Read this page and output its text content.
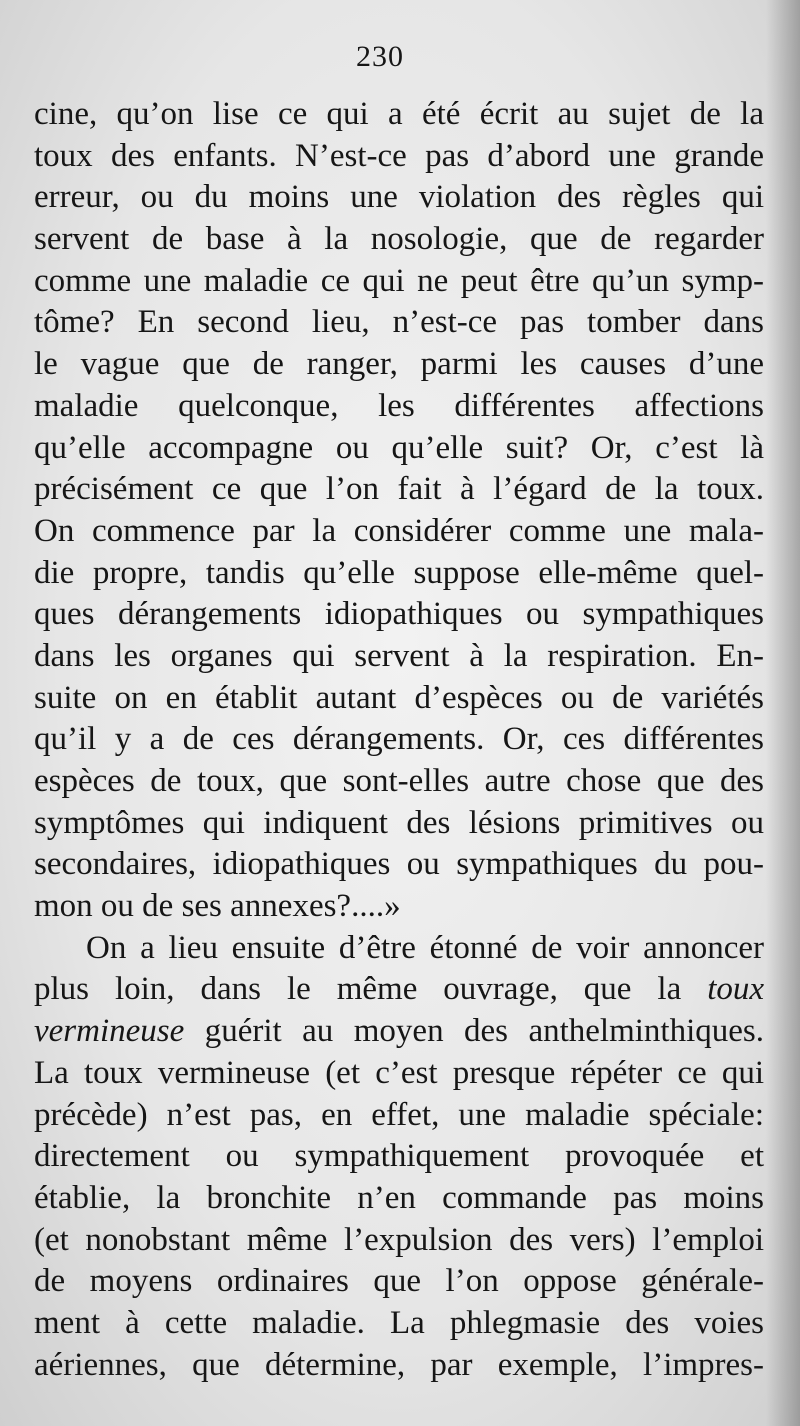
230
cine, qu’on lise ce qui a été écrit au sujet de la
toux des enfants. N’est-ce pas d’abord une grande
erreur, ou du moins une violation des règles qui
servent de base à la nosologie, que de regarder
comme une maladie ce qui ne peut être qu’un symp-
tôme? En second lieu, n’est-ce pas tomber dans
le vague que de ranger, parmi les causes d’une
maladie quelconque, les différentes affections
qu’elle accompagne ou qu’elle suit? Or, c’est là
précisément ce que l’on fait à l’égard de la toux.
On commence par la considérer comme une mala-
die propre, tandis qu’elle suppose elle-même quel-
ques dérangements idiopathiques ou sympathiques
dans les organes qui servent à la respiration. En-
suite on en établit autant d’espèces ou de variétés
qu’il y a de ces dérangements. Or, ces différentes
espèces de toux, que sont-elles autre chose que des
symptômes qui indiquent des lésions primitives ou
secondaires, idiopathiques ou sympathiques du pou-
mon ou de ses annexes?....»
On a lieu ensuite d’être étonné de voir annoncer
plus loin, dans le même ouvrage, que la toux
vermineuse guérit au moyen des anthelminthiques.
La toux vermineuse (et c’est presque répéter ce qui
précède) n’est pas, en effet, une maladie spéciale:
directement ou sympathiquement provoquée et
établie, la bronchite n’en commande pas moins
(et nonobstant même l’expulsion des vers) l’emploi
de moyens ordinaires que l’on oppose générale-
ment à cette maladie. La phlegmasie des voies
aériennes, que détermine, par exemple, l’impres-
